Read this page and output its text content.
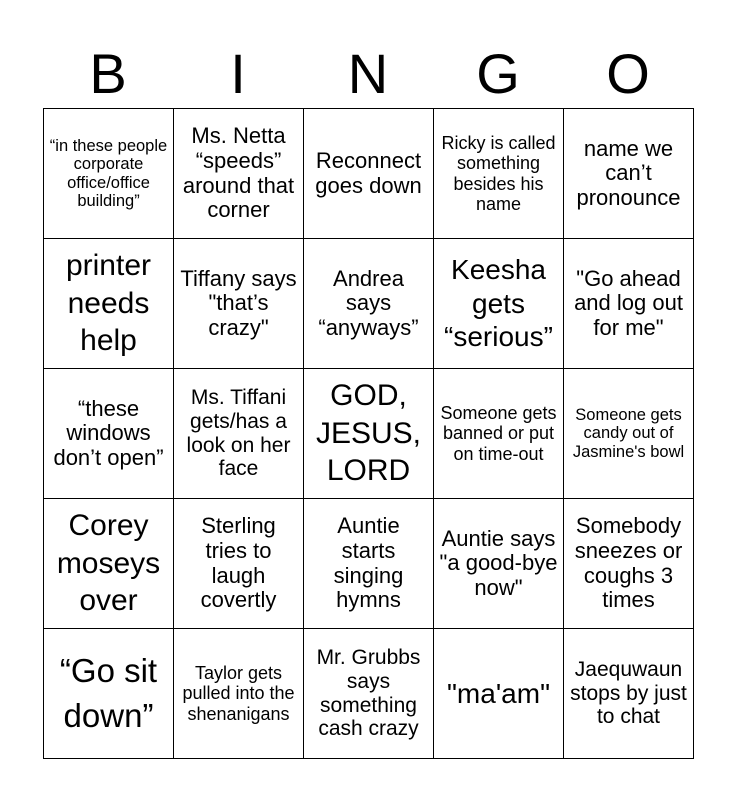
B	I	N	G	O
“in these people corporate office/office building”	Ms. Netta “speeds” around that corner	Reconnect goes down	Ricky is called something besides his name	name we can’t pronounce
printer needs help	Tiffany says "that’s crazy"	Andrea says “anyways”	Keesha gets “serious”	"Go ahead and log out for me"
“these windows don’t open”	Ms. Tiffani gets/has a look on her face	GOD, JESUS, LORD	Someone gets banned or put on time-out	Someone gets candy out of Jasmine's bowl
Corey moseys over	Sterling tries to laugh covertly	Auntie starts singing hymns	Auntie says "a good-bye now"	Somebody sneezes or coughs 3 times
“Go sit down”	Taylor gets pulled into the shenanigans	Mr. Grubbs says something cash crazy	"ma'am"	Jaequwaun stops by just to chat
